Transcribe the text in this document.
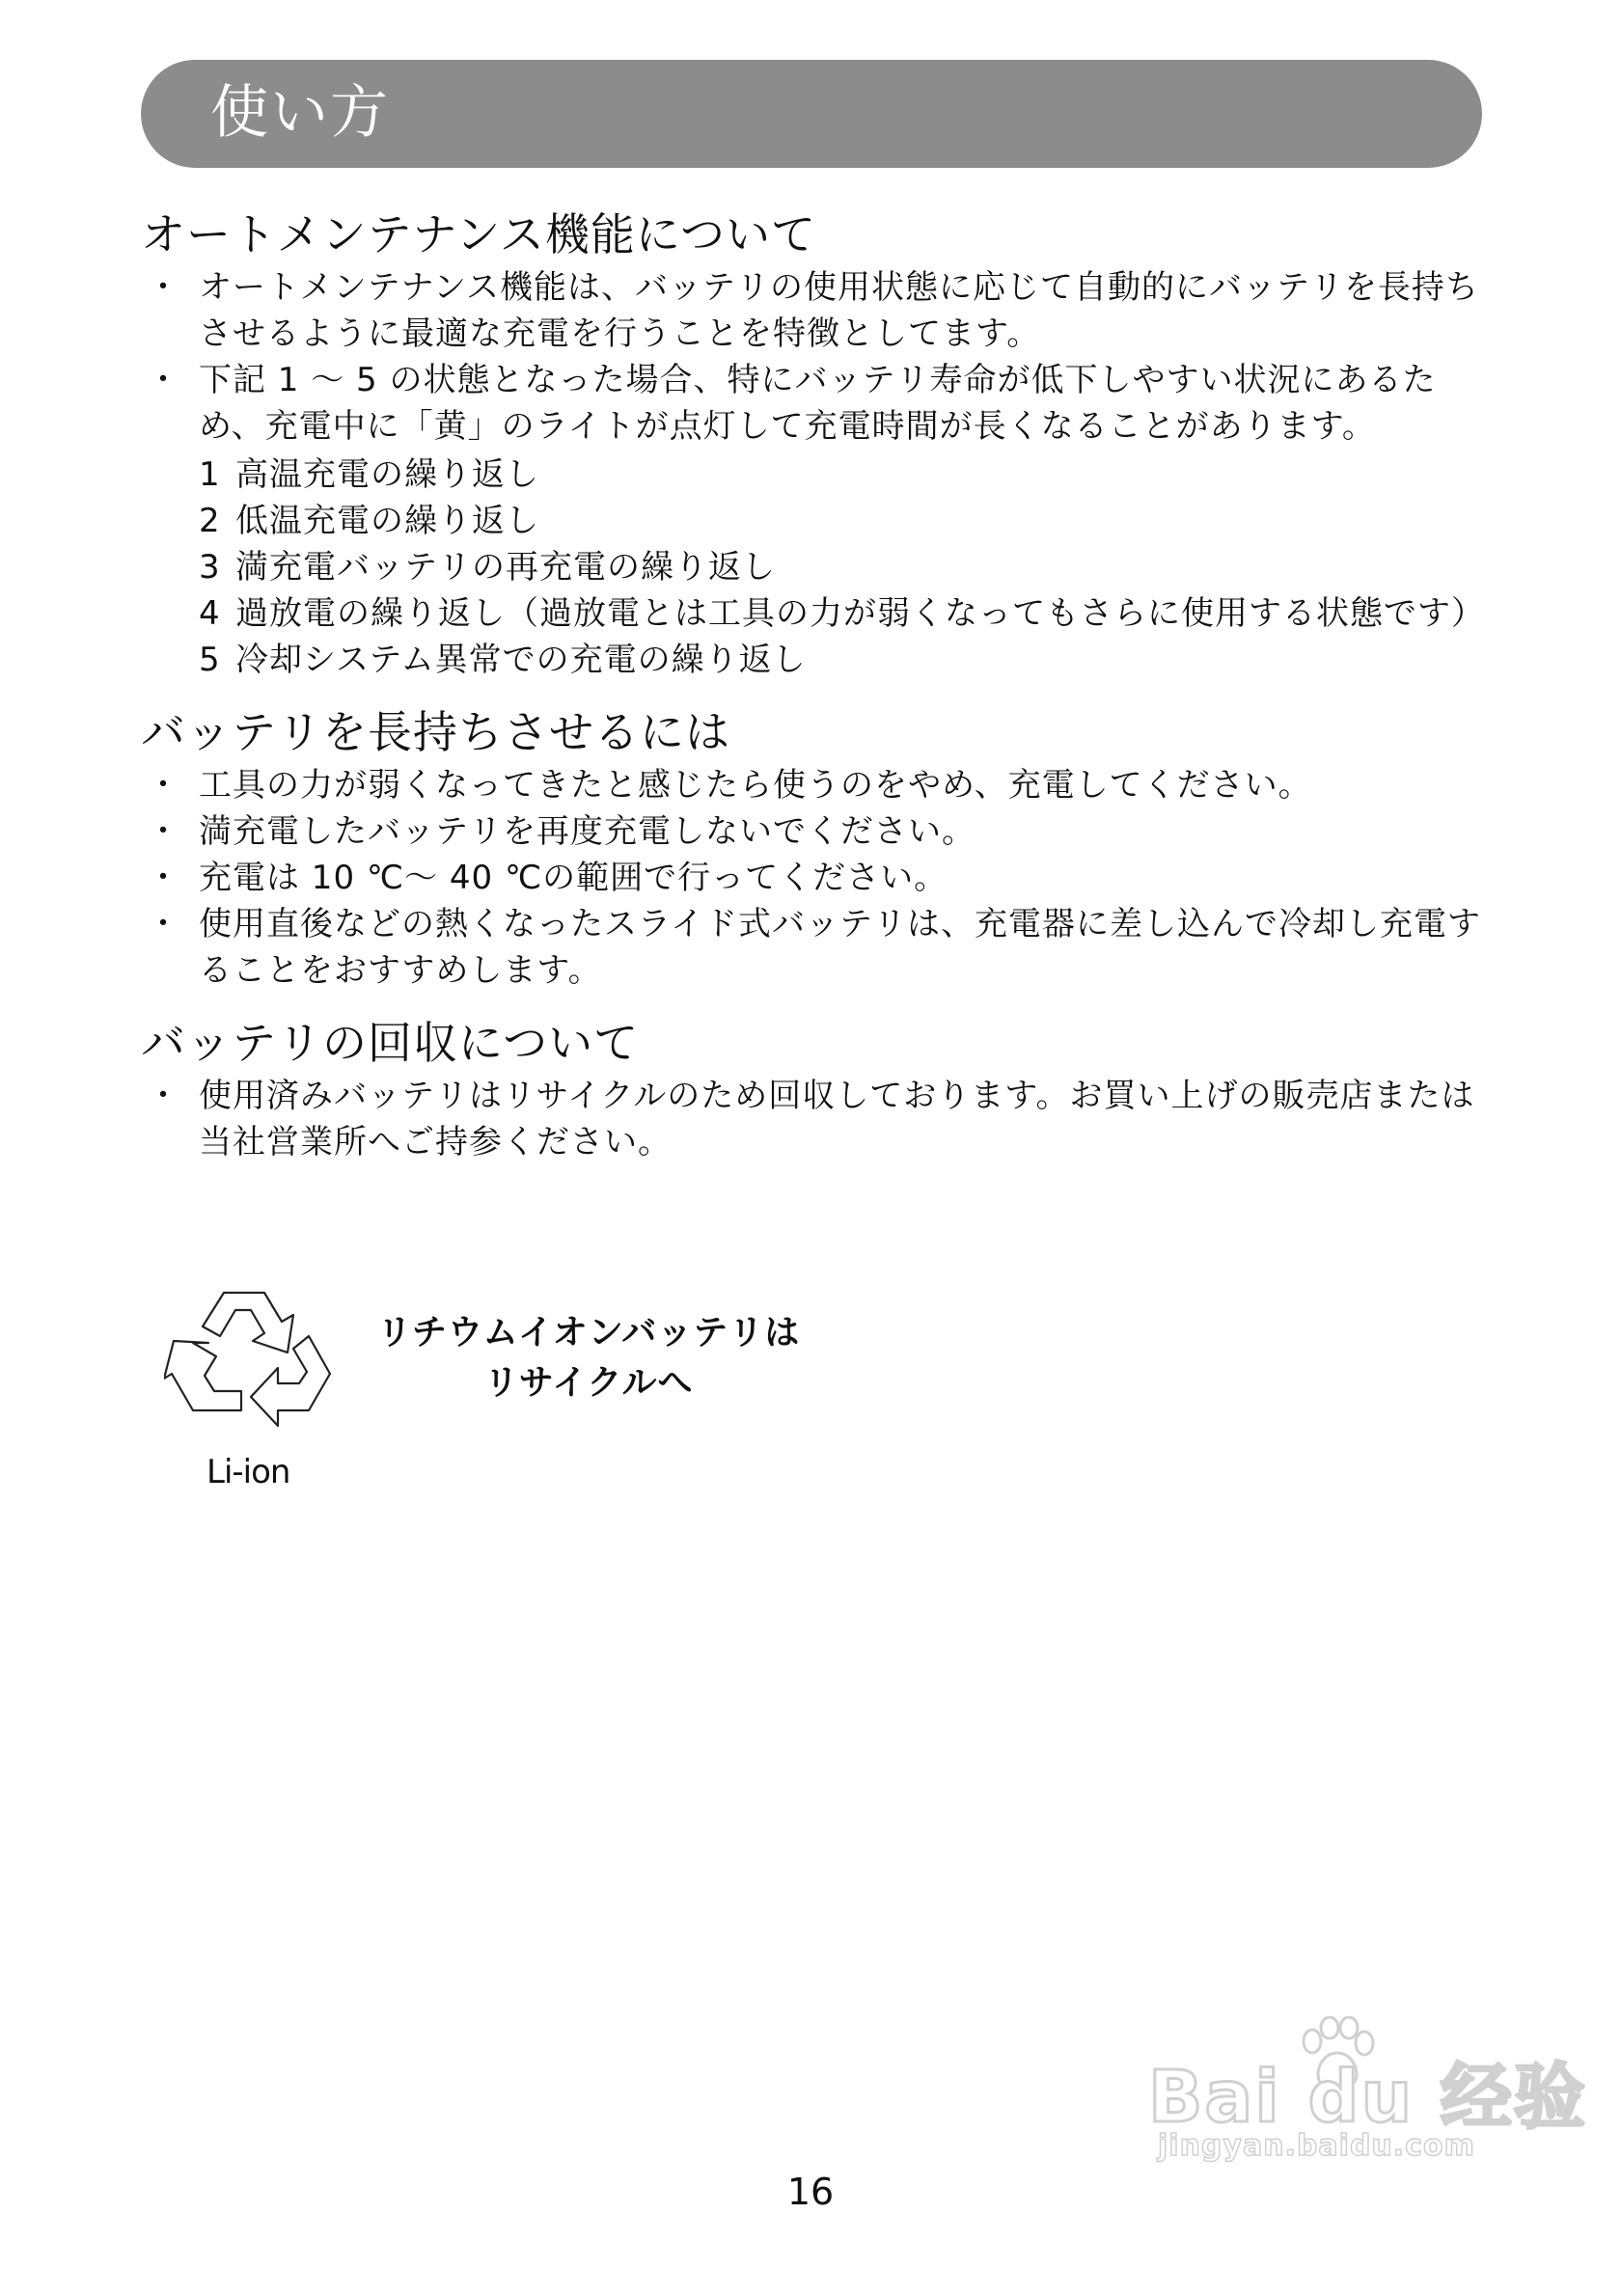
使い方
オートメンテナンス機能について
・ オートメンテナンス機能は、バッテリの使用状態に応じて自動的にバッテリを長持ちさせるように最適な充電を行うことを特徴としてます。
・ 下記 1 〜 5 の状態となった場合、特にバッテリ寿命が低下しやすい状況にあるため、充電中に「黄」のライトが点灯して充電時間が長くなることがあります。
1 高温充電の繰り返し
2 低温充電の繰り返し
3 満充電バッテリの再充電の繰り返し
4 過放電の繰り返し（過放電とは工具の力が弱くなってもさらに使用する状態です）
5 冷却システム異常での充電の繰り返し
バッテリを長持ちさせるには
・ 工具の力が弱くなってきたと感じたら使うのをやめ、充電してください。
・ 満充電したバッテリを再度充電しないでください。
・ 充電は 10 ℃〜 40 ℃の範囲で行ってください。
・ 使用直後などの熱くなったスライド式バッテリは、充電器に差し込んで冷却し充電することをおすすめします。
バッテリの回収について
・ 使用済みバッテリはリサイクルのため回収しております。お買い上げの販売店または当社営業所へご持参ください。
Li-ion
リチウムイオンバッテリは
リサイクルへ
Bai du 经验
jingyan.baidu.com
16
